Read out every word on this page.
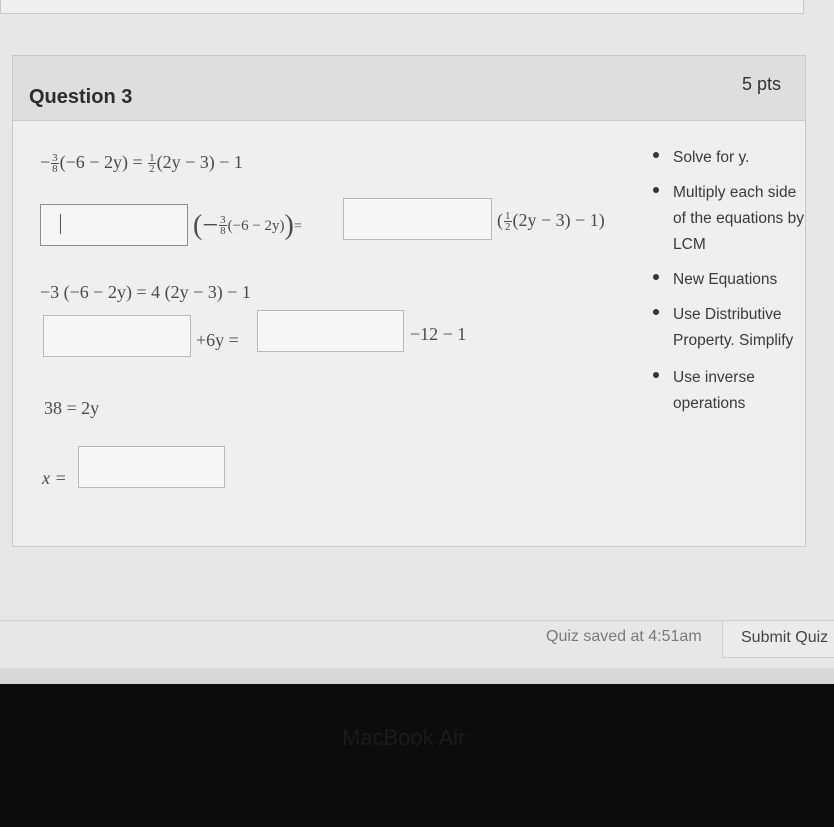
Question 3
5 pts
− $\frac{3}{8} (-6 - 2y) = \frac{1}{2} (2y - 3) - 1$
(− $\frac{3}{8} (-6 - 2y))=$	( $\frac{1}{2} (2y - 3) - 1$)
−3 (−6 − 2y) = 4 (2y − 3) − 1
+6y =	−12 − 1
38 = 2y
x =
Solve for y.
Multiply each side
of the equations by
LCM
New Equations
Use Distributive
Property. Simplify
Use inverse
operations
Quiz saved at 4:51am	Submit Quiz
MacBook Air
